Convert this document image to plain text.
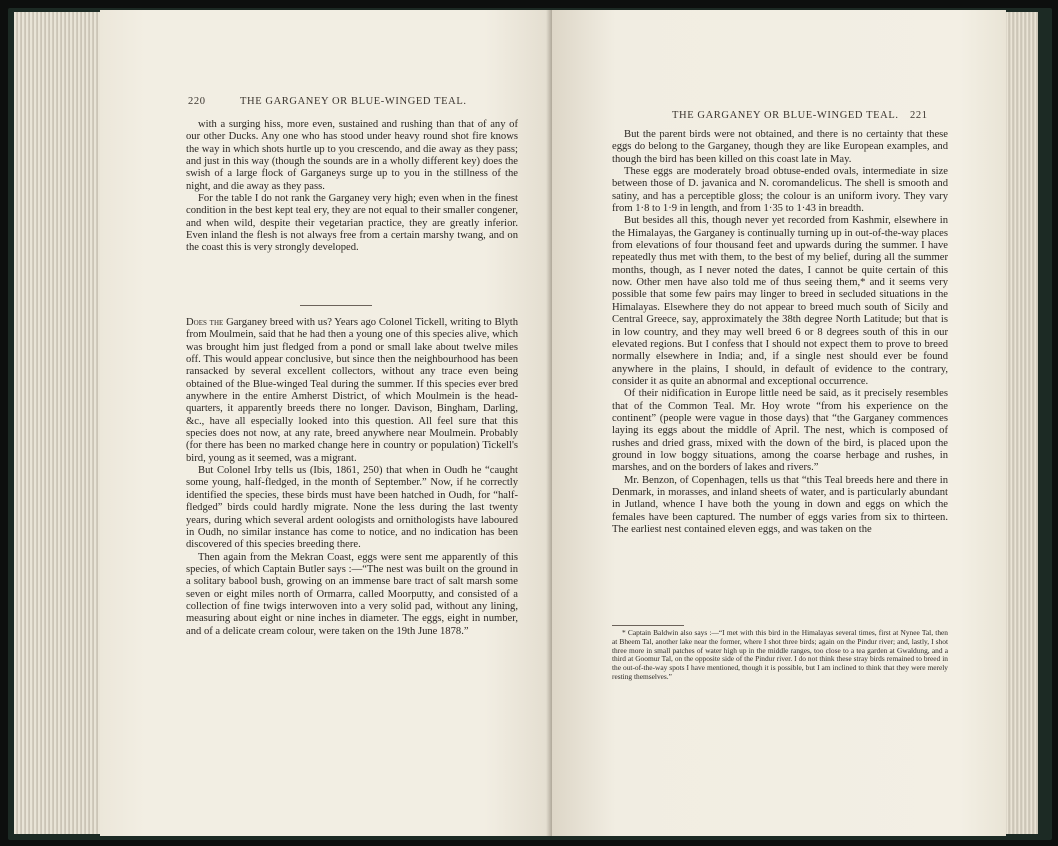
220	THE GARGANEY OR BLUE-WINGED TEAL.

with a surging hiss, more even, sustained and rushing than that of any of our other Ducks. Any one who has stood under heavy round shot fire knows the way in which shots hurtle up to you crescendo, and die away as they pass; and just in this way (though the sounds are in a wholly different key) does the swish of a large flock of Garganeys surge up to you in the stillness of the night, and die away as they pass.

For the table I do not rank the Garganey very high; even when in the finest condition in the best kept teal ery, they are not equal to their smaller congener, and when wild, despite their vegetarian practice, they are greatly inferior. Even inland the flesh is not always free from a certain marshy twang, and on the coast this is very strongly developed.

Does the Garganey breed with us? Years ago Colonel Tickell, writing to Blyth from Moulmein, said that he had then a young one of this species alive, which was brought him just fledged from a pond or small lake about twelve miles off. This would appear conclusive, but since then the neighbourhood has been ransacked by several excellent collectors, without any trace even being obtained of the Blue-winged Teal during the summer. If this species ever bred anywhere in the entire Amherst District, of which Moulmein is the head-quarters, it apparently breeds there no longer. Davison, Bingham, Darling, &c., have all especially looked into this question. All feel sure that this species does not now, at any rate, breed anywhere near Moulmein. Probably (for there has been no marked change here in country or population) Tickell's bird, young as it seemed, was a migrant.

But Colonel Irby tells us (Ibis, 1861, 250) that when in Oudh he “caught some young, half-fledged, in the month of September.” Now, if he correctly identified the species, these birds must have been hatched in Oudh, for “half-fledged” birds could hardly migrate. None the less during the last twenty years, during which several ardent oologists and ornithologists have laboured in Oudh, no similar instance has come to notice, and no indication has been discovered of this species breeding there.

Then again from the Mekran Coast, eggs were sent me apparently of this species, of which Captain Butler says :—“The nest was built on the ground in a solitary babool bush, growing on an immense bare tract of salt marsh some seven or eight miles north of Ormarra, called Moorputty, and consisted of a collection of fine twigs interwoven into a very solid pad, without any lining, measuring about eight or nine inches in diameter. The eggs, eight in number, and of a delicate cream colour, were taken on the 19th June 1878.”

THE GARGANEY OR BLUE-WINGED TEAL. 221

But the parent birds were not obtained, and there is no certainty that these eggs do belong to the Garganey, though they are like European examples, and though the bird has been killed on this coast late in May.

These eggs are moderately broad obtuse-ended ovals, intermediate in size between those of D. javanica and N. coromandelicus. The shell is smooth and satiny, and has a perceptible gloss; the colour is an uniform ivory. They vary from 1·8 to 1·9 in length, and from 1·35 to 1·43 in breadth.

But besides all this, though never yet recorded from Kashmir, elsewhere in the Himalayas, the Garganey is continually turning up in out-of-the-way places from elevations of four thousand feet and upwards during the summer. I have repeatedly thus met with them, to the best of my belief, during all the summer months, though, as I never noted the dates, I cannot be quite certain of this now. Other men have also told me of thus seeing them,* and it seems very possible that some few pairs may linger to breed in secluded situations in the Himalayas. Elsewhere they do not appear to breed much south of Sicily and Central Greece, say, approximately the 38th degree North Latitude; but that is in low country, and they may well breed 6 or 8 degrees south of this in our elevated regions. But I confess that I should not expect them to prove to breed normally elsewhere in India; and, if a single nest should ever be found anywhere in the plains, I should, in default of evidence to the contrary, consider it as quite an abnormal and exceptional occurrence.

Of their nidification in Europe little need be said, as it precisely resembles that of the Common Teal. Mr. Hoy wrote “from his experience on the continent” (people were vague in those days) that “the Garganey commences laying its eggs about the middle of April. The nest, which is composed of rushes and dried grass, mixed with the down of the bird, is placed upon the ground in low boggy situations, among the coarse herbage and rushes, in marshes, and on the borders of lakes and rivers.”

Mr. Benzon, of Copenhagen, tells us that “this Teal breeds here and there in Denmark, in morasses, and inland sheets of water, and is particularly abundant in Jutland, whence I have both the young in down and eggs on which the females have been captured. The number of eggs varies from six to thirteen. The earliest nest contained eleven eggs, and was taken on the

* Captain Baldwin also says :—“I met with this bird in the Himalayas several times, first at Nynee Tal, then at Bheem Tal, another lake near the former, where I shot three birds; again on the Pindur river; and, lastly, I shot three more in small patches of water high up in the middle ranges, too close to a tea garden at Gwaldung, and a third at Goomur Tal, on the opposite side of the Pindur river. I do not think these stray birds remained to breed in the out-of-the-way spots I have mentioned, though it is possible, but I am inclined to think that they were merely resting themselves.”
